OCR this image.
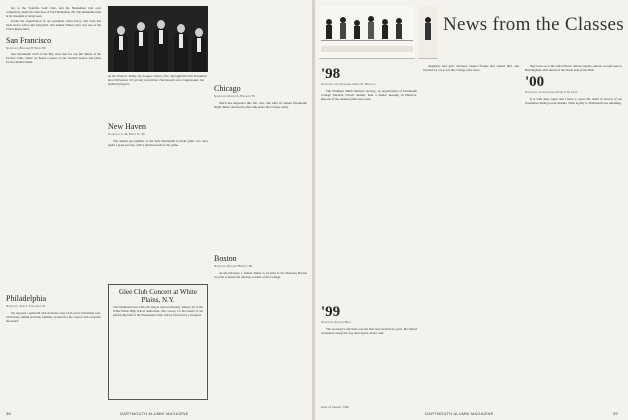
her to the Scandals Golf Club, and the Shanamnoi tide over completely, under the direction of Fred McKenzie '28. The inimitable man is bit sheepish at being seen

Under the organization of our president, Dave Perry, this Club has been and is active and enjoyable. Our annual dinner party was one of the Club's high points.

San Francisco
Secretary, Benjamin B. Weiss '60

Our Dartmouth Club of the Bay Area met for our fall dinner at the Faculty Club, where we heard a report on the football season and plans for the Alumni Fund.

Philadelphia
Secretary, John L. Stevenson '55

We enjoyed a splendid visit from the Glee Club on its Christmas tour, with many alumni and their families on hand for the concert and reception afterward.

At the Pioneer Valley Ivy League victory fete, Springfield Club President Ken Nicholson '43 (center) and other Dartmouth men congratulate the football players.
New Haven
Secretary, L. M. Fierce Jr. '36

The annual get-together at the Yale Dartmouth football game was once again a great success, with a luncheon before the game.

Glee Club Concert at White Plains, N.Y.
The Dartmouth Glee Club will sing in concert Saturday, January 20, in the White Plains High School auditorium. The concert, for the benefit of the scholarship fund of the Westchester Club, will be followed by a reception.
Chicago
Secretary, Robert A. Edwards '55

Much has happened this fall. Our club held its annual Dartmouth Night dinner and heard a fine talk about the College today.

Boston
Secretary, Richard Bennett '60

At the February 1 annual dinner to be held at the Sheraton Boston we plan to honor the retiring coaches of the College.

38	DARTMOUTH ALUMNI MAGAZINE
News from the Classes
'98
Secretary and Treasurer, Ernest E. Hellman

The Wadham Smith Medical Society, an organization of Dartmouth College Medical School alumni, held a dinner meeting in Hanover. Reports of the reunion plans were read.

'99
Secretary, Kenneth Bell

The secretary's trip West was his first real vacation in years. He visited classmates along the way and reports all are well.

daughters had quit, checked, visited friends and visited him, and traveled by car to see the College once more.

they were on at the Union Hotel, almost equally serious. A brief note to Benningham with sketch of the North side of the Hall.

'00
Secretary and Treasurer, Everett W. Cross

It is with deep regret that I have to report the death of several of our classmates during recent months. Their loyalty to Dartmouth was unfailing.

Issue of January 1966
DARTMOUTH ALUMNI MAGAZINE	39
